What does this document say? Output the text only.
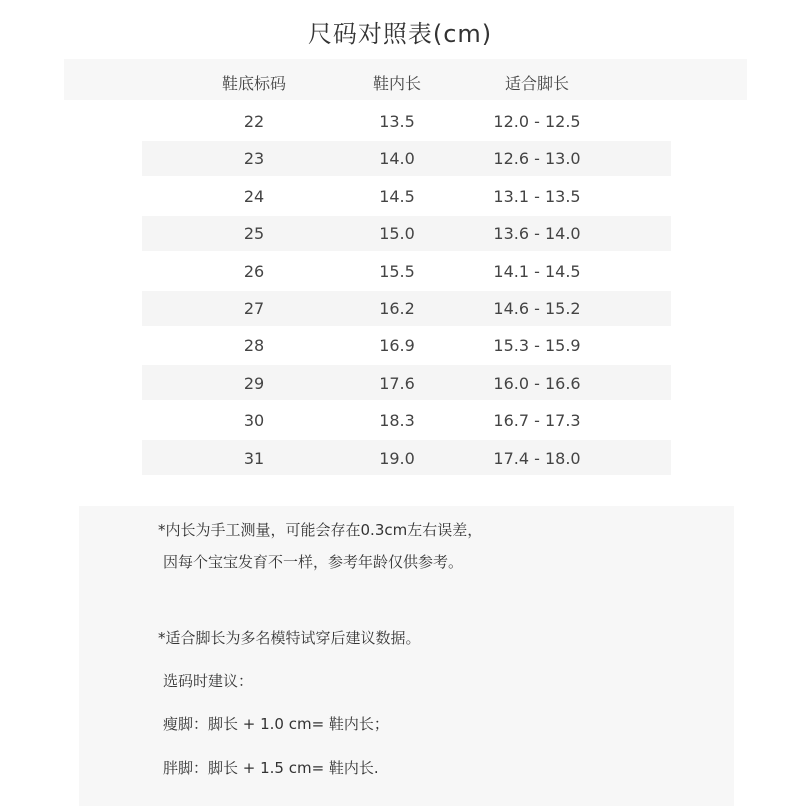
尺码对照表(cm)
鞋底标码	鞋内长	适合脚长
22	13.5	12.0 - 12.5
23	14.0	12.6 - 13.0
24	14.5	13.1 - 13.5
25	15.0	13.6 - 14.0
26	15.5	14.1 - 14.5
27	16.2	14.6 - 15.2
28	16.9	15.3 - 15.9
29	17.6	16.0 - 16.6
30	18.3	16.7 - 17.3
31	19.0	17.4 - 18.0
*内长为手工测量，可能会存在0.3cm左右误差，
因每个宝宝发育不一样，参考年龄仅供参考。
*适合脚长为多名模特试穿后建议数据。
选码时建议：
瘦脚：脚长 + 1.0 cm= 鞋内长；
胖脚：脚长 + 1.5 cm= 鞋内长.
